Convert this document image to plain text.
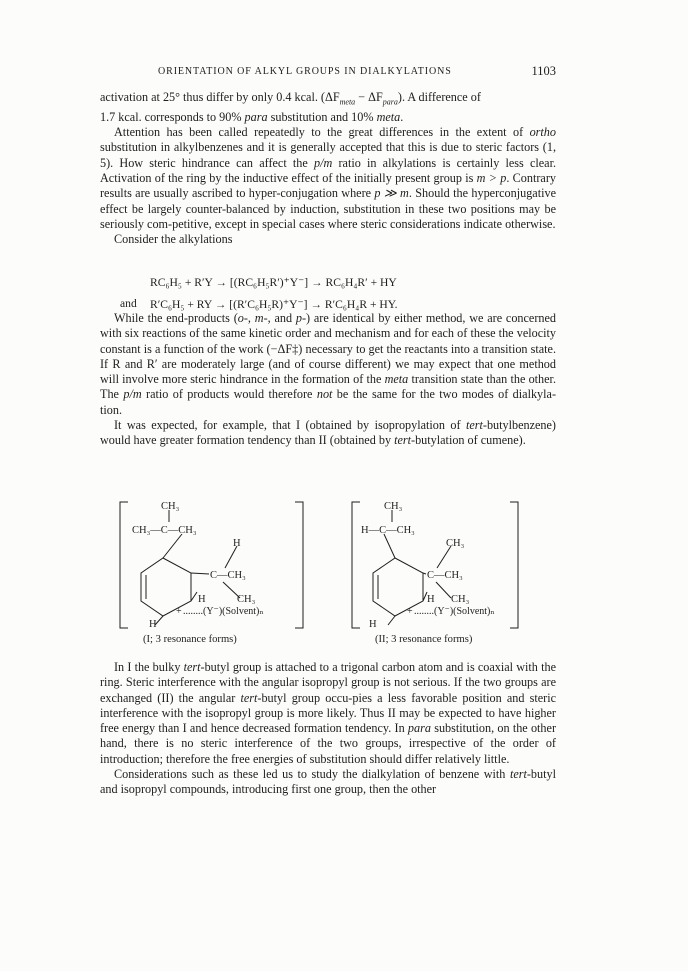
ORIENTATION OF ALKYL GROUPS IN DIALKYLATIONS	1103

activation at 25° thus differ by only 0.4 kcal. $(\Delta F_{meta} - \Delta F_{para})$. A difference of

1.7 kcal. corresponds to 90% para substitution and 10% meta.

Attention has been called repeatedly to the great differences in the extent of ortho substitution in alkylbenzenes and it is generally accepted that this is due to steric factors (1, 5). How steric hindrance can affect the p/m ratio in alkylations is certainly less clear. Activation of the ring by the inductive effect of the initially present group is m > p. Contrary results are usually ascribed to hyper-conjugation where p ≫ m. Should the hyperconjugative effect be largely counter-balanced by induction, substitution in these two positions may be seriously com-petitive, except in special cases where steric considerations indicate otherwise.

Consider the alkylations

RC₆H₅ + R′Y → [(RC₆H₅R′)⁺Y⁻] → RC₆H₄R′ + HY
and R′C₆H₅ + RY → [(R′C₆H₅R)⁺Y⁻] → R′C₆H₄R + HY.

While the end-products (o-, m-, and p-) are identical by either method, we are concerned with six reactions of the same kinetic order and mechanism and for each of these the velocity constant is a function of the work (−ΔF‡) necessary to get the reactants into a transition state. If R and R′ are moderately large (and of course different) we may expect that one method will involve more steric hindrance in the formation of the meta transition state than the other. The p/m ratio of products would therefore not be the same for the two modes of dialkyla-tion.

It was expected, for example, that I (obtained by isopropylation of tert-butylbenzene) would have greater formation tendency than II (obtained by tert-butylation of cumene).

CH₃
CH₃—C—CH₃
H
C—CH₃
H	CH₃
+ ........(Y⁻)(Solvent)ₙ
H
(I; 3 resonance forms)
CH₃
H—C—CH₃
CH₃
C—CH₃
H CH₃
+ ........(Y⁻)(Solvent)ₙ
H
(II; 3 resonance forms)

In I the bulky tert-butyl group is attached to a trigonal carbon atom and is coaxial with the ring. Steric interference with the angular isopropyl group is not serious. If the two groups are exchanged (II) the angular tert-butyl group occu-pies a less favorable position and steric interference with the isopropyl group is more likely. Thus II may be expected to have higher free energy than I and hence decreased formation tendency. In para substitution, on the other hand, there is no steric interference of the two groups, irrespective of the order of introduction; therefore the free energies of substitution should differ relatively little.

Considerations such as these led us to study the dialkylation of benzene with tert-butyl and isopropyl compounds, introducing first one group, then the other
